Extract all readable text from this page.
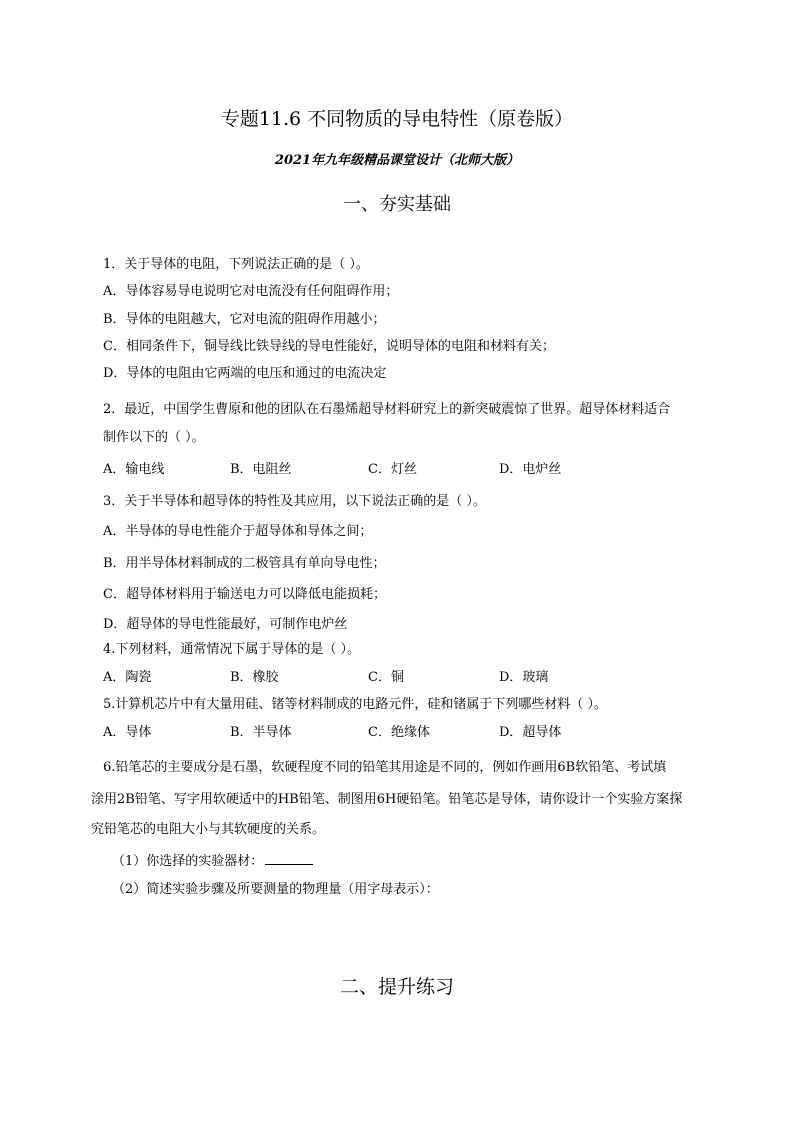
专题11.6 不同物质的导电特性（原卷版）
2021年九年级精品课堂设计（北师大版）
一、夯实基础
1．关于导体的电阻，下列说法正确的是（ ）。
A．导体容易导电说明它对电流没有任何阻碍作用；
B．导体的电阻越大，它对电流的阻碍作用越小；
C．相同条件下，铜导线比铁导线的导电性能好，说明导体的电阻和材料有关；
D．导体的电阻由它两端的电压和通过的电流决定
2．最近，中国学生曹原和他的团队在石墨烯超导材料研究上的新突破震惊了世界。超导体材料适合
制作以下的（ ）。
A．输电线	B．电阻丝	C．灯丝	D．电炉丝
3．关于半导体和超导体的特性及其应用，以下说法正确的是（ ）。
A．半导体的导电性能介于超导体和导体之间；
B．用半导体材料制成的二极管具有单向导电性；
C．超导体材料用于输送电力可以降低电能损耗；
D．超导体的导电性能最好，可制作电炉丝
4.下列材料，通常情况下属于导体的是（ ）。
A．陶瓷	B．橡胶	C．铜	D．玻璃
5.计算机芯片中有大量用硅、锗等材料制成的电路元件，硅和锗属于下列哪些材料（ ）。
A．导体	B．半导体	C．绝缘体	D．超导体
6.铅笔芯的主要成分是石墨，软硬程度不同的铅笔其用途是不同的，例如作画用6B软铅笔、考试填
涂用2B铅笔、写字用软硬适中的HB铅笔、制图用6H硬铅笔。铅笔芯是导体，请你设计一个实验方案探
究铅笔芯的电阻大小与其软硬度的关系。
（1）你选择的实验器材：
（2）简述实验步骤及所要测量的物理量（用字母表示）：
二、提升练习
